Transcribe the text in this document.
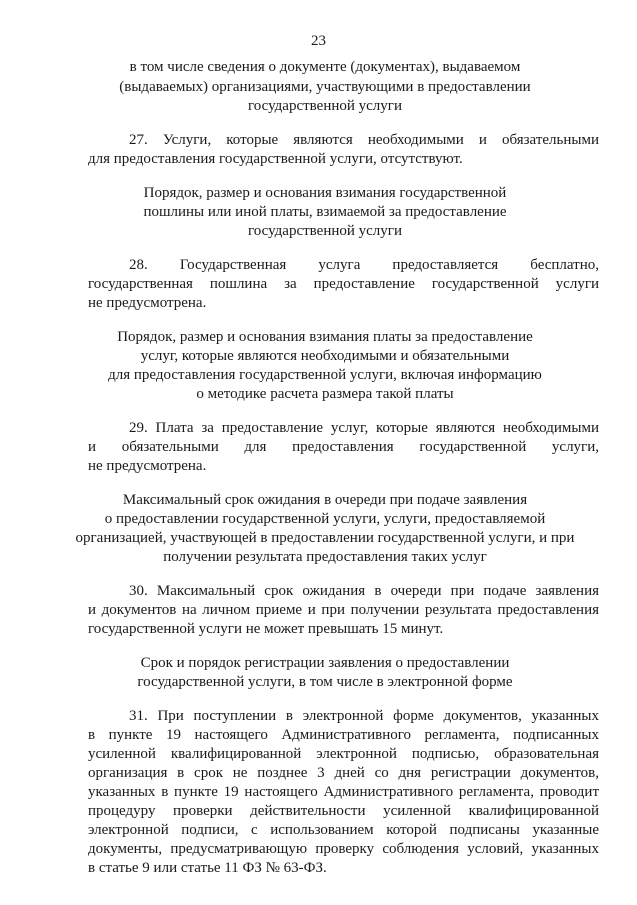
23
в том числе сведения о документе (документах), выдаваемом
(выдаваемых) организациями, участвующими в предоставлении
государственной услуги
27. Услуги, которые являются необходимыми и обязательными
для предоставления государственной услуги, отсутствуют.
Порядок, размер и основания взимания государственной
пошлины или иной платы, взимаемой за предоставление
государственной услуги
28. Государственная услуга предоставляется бесплатно,
государственная пошлина за предоставление государственной услуги
не предусмотрена.
Порядок, размер и основания взимания платы за предоставление
услуг, которые являются необходимыми и обязательными
для предоставления государственной услуги, включая информацию
о методике расчета размера такой платы
29. Плата за предоставление услуг, которые являются необходимыми
и обязательными для предоставления государственной услуги,
не предусмотрена.
Максимальный срок ожидания в очереди при подаче заявления
о предоставлении государственной услуги, услуги, предоставляемой
организацией, участвующей в предоставлении государственной услуги, и при
получении результата предоставления таких услуг
30. Максимальный срок ожидания в очереди при подаче заявления
и документов на личном приеме и при получении результата предоставления
государственной услуги не может превышать 15 минут.
Срок и порядок регистрации заявления о предоставлении
государственной услуги, в том числе в электронной форме
31. При поступлении в электронной форме документов, указанных
в пункте 19 настоящего Административного регламента, подписанных
усиленной квалифицированной электронной подписью, образовательная
организация в срок не позднее 3 дней со дня регистрации документов,
указанных в пункте 19 настоящего Административного регламента, проводит
процедуру проверки действительности усиленной квалифицированной
электронной подписи, с использованием которой подписаны указанные
документы, предусматривающую проверку соблюдения условий, указанных
в статье 9 или статье 11 ФЗ № 63-ФЗ.
